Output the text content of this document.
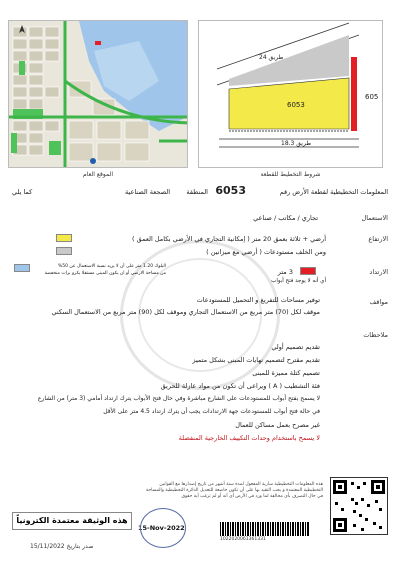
الموقع العام
طريق 24
6053
605
طريق 18.3
شروط التخطيط للقطعة
المعلومات التخطيطية لقطعة الأرض رقم
6053
المنطقة
الصجعة الصناعية
كما يلي
الاستعمال
تجاري / مكاتب / صناعي
الارتفاع
أرضي + ثلاثة بعمق 20 متر ( إمكانية التجاري في الأرضي بكامل العمق )
ومن الخلف مستودعات ( أرضي مع ميزانين )
الارتداد
3 متر
أي أنه لا يوجد فتح أبواب
البلوك 1.20 متر على أن لا يزيد نسبة الاستعمال عن 50%
من مساحة الارضي أو ان يكون المبنى مستقلا بكرو برات منخفضة
مواقف
توفير مساحات للتفريغ و التحميل للمستودعات
موقف لكل (70) متر مربع من الاستعمال التجاري وموقف لكل (90) متر مربع من الاستعمال السكني
ملاحظات
تقديم تصميم أولي
تقديم مقترح لتصميم نهايات المبنى بشكل متميز
تصميم كتلة مميزة للمبنى
فئة التشطيب ( A ) ويراعى أن تكون من مواد عازلة للحريق
لا يسمح بفتح أبواب للمستودعات على الشارع مباشرة وفي حال فتح الأبواب يترك ارتداد أمامي (3 متر) من الشارع
في حالة فتح أبواب للمستودعات جهة الارتدادات يجب أن يترك ارتداد 4.5 متر على الأقل
غير مصرح بعمل مساكن للعمال
لا يسمح باستخدام وحدات التكييف الخارجية المنفصلة
هذه المعلومات التخطيطية سارية المفعول لمدة ستة أشهر من تاريخ إصدارها مع القوانين التخطيطية المعتمدة و يجب التقيد بها على أن تكون خاضعة للتعديل الدائرة التخطيطية والمساحة في حال التصرف بأي مخالفة لما ورد في الأرض أي أنه أو لم ترغب أية حقوق
هذه الوثيقة معتمدة الكترونياً
15-Nov-2022
1022020061361331
صدر بتاريخ 15/11/2022
